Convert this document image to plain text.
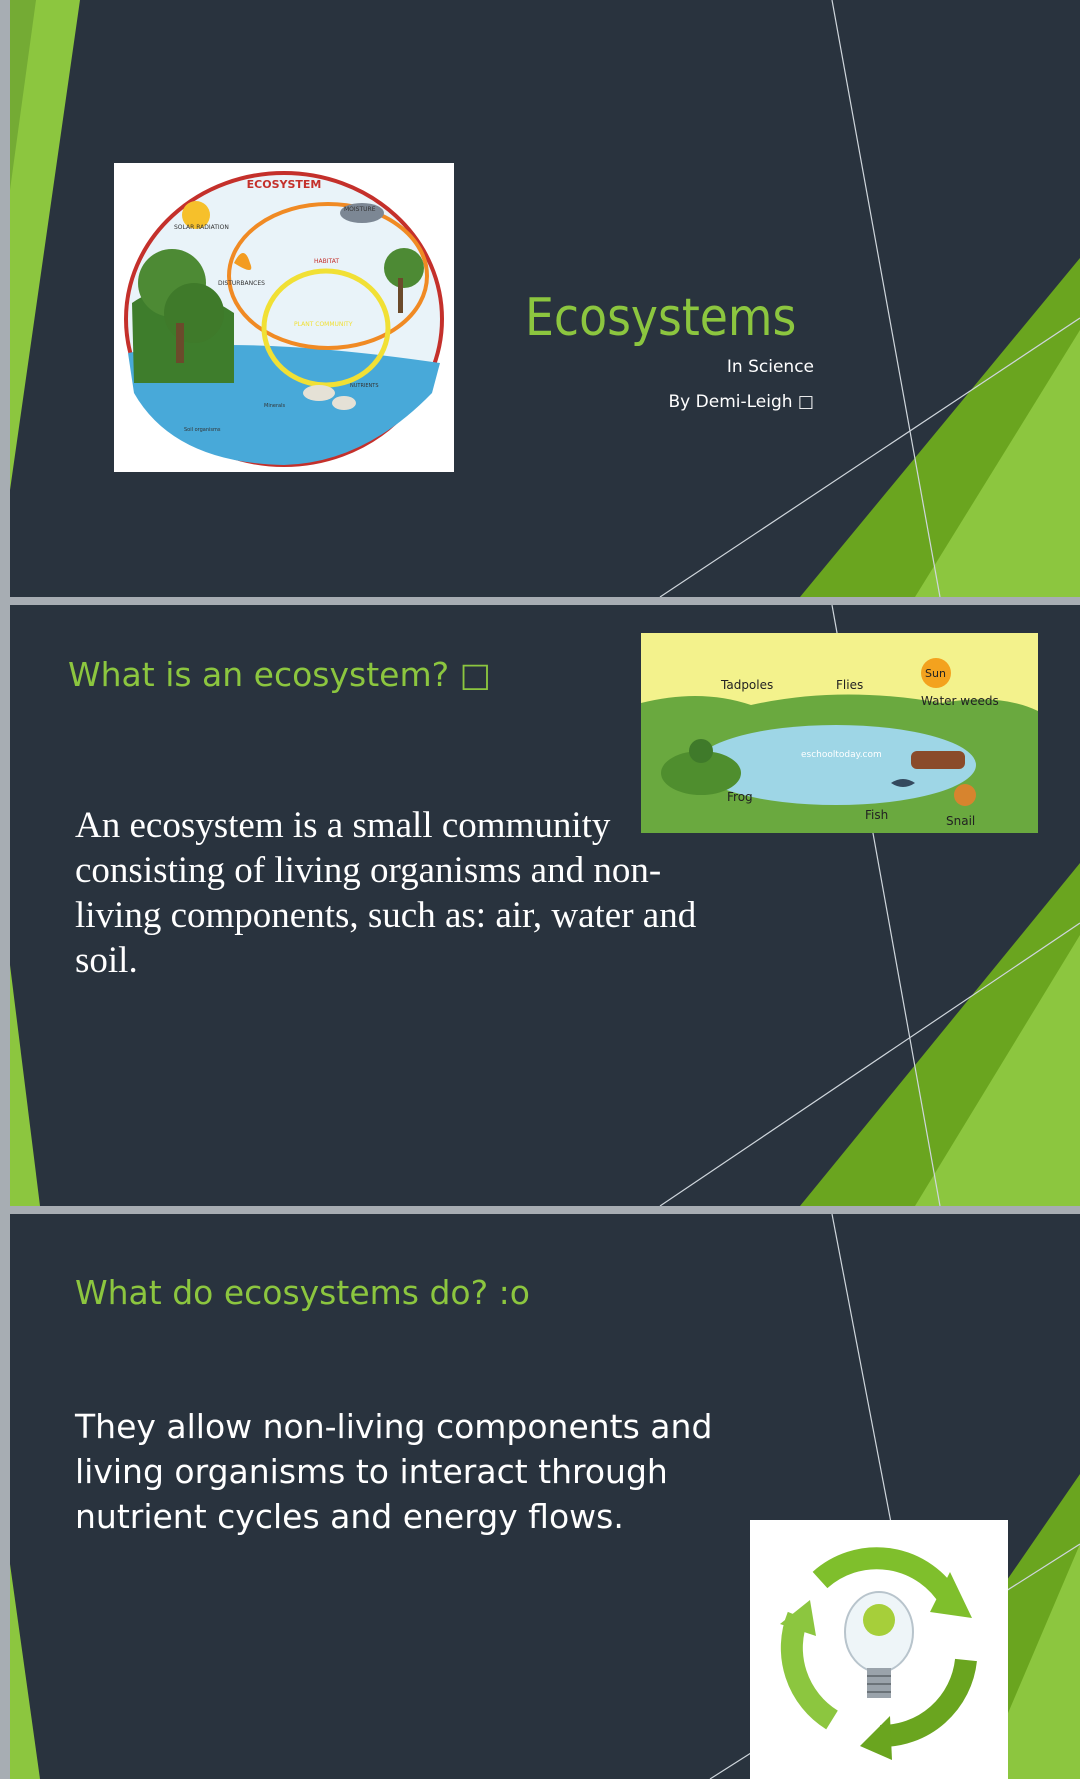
ECOSYSTEM
SOLAR RADIATION
MOISTURE
DISTURBANCES
HABITAT
PLANT COMMUNITY
NUTRIENTS
Minerals
Soil organisms
Ecosystems
In Science
By Demi-Leigh □
What is an ecosystem? □	Tadpoles	Flies
Sun
Water weeds
eschooltoday.com
Frog
Fish	Snail

An ecosystem is a small community consisting of living organisms and non-living components, such as: air, water and soil.

What do ecosystems do? :o

They allow non-living components and living organisms to interact through nutrient cycles and energy flows.
